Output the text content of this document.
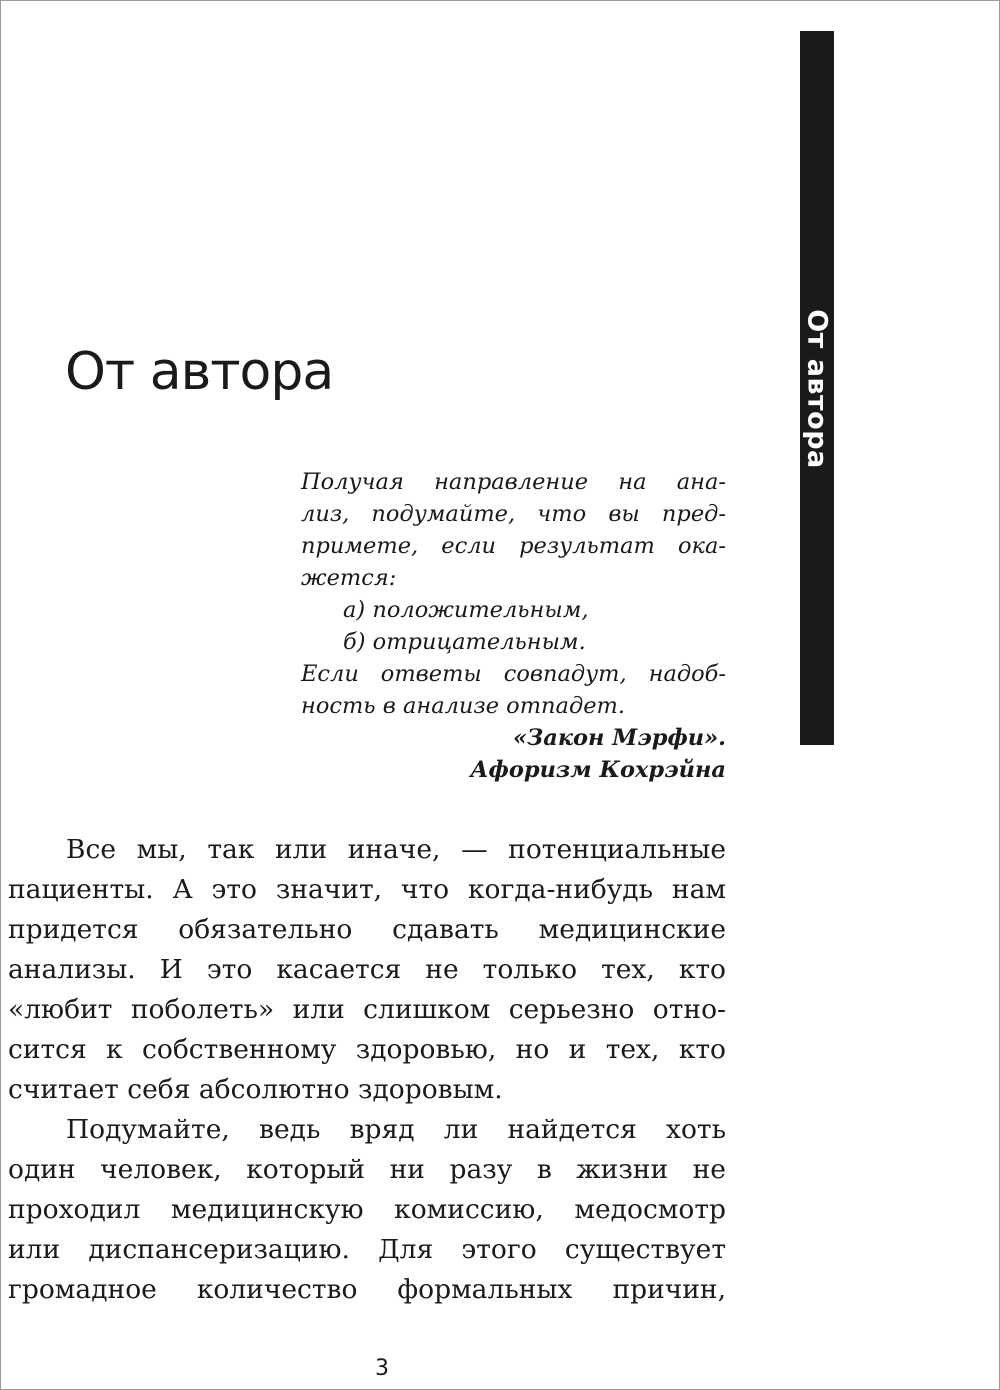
От автора
От автора

Получая направление на ана-

лиз, подумайте, что вы пред-

примете, если результат ока-

жется:

а) положительным,

б) отрицательным.

Если ответы совпадут, надоб-

ность в анализе отпадет.

«Закон Мэрфи».

Афоризм Кохрэйна

Все мы, так или иначе, — потенциальные
пациенты. А это значит, что когда-нибудь нам
придется обязательно сдавать медицинские
анализы. И это касается не только тех, кто
«любит поболеть» или слишком серьезно отно-
сится к собственному здоровью, но и тех, кто
считает себя абсолютно здоровым.
Подумайте, ведь вряд ли найдется хоть
один человек, который ни разу в жизни не
проходил медицинскую комиссию, медосмотр
или диспансеризацию. Для этого существует
громадное количество формальных причин,
3
